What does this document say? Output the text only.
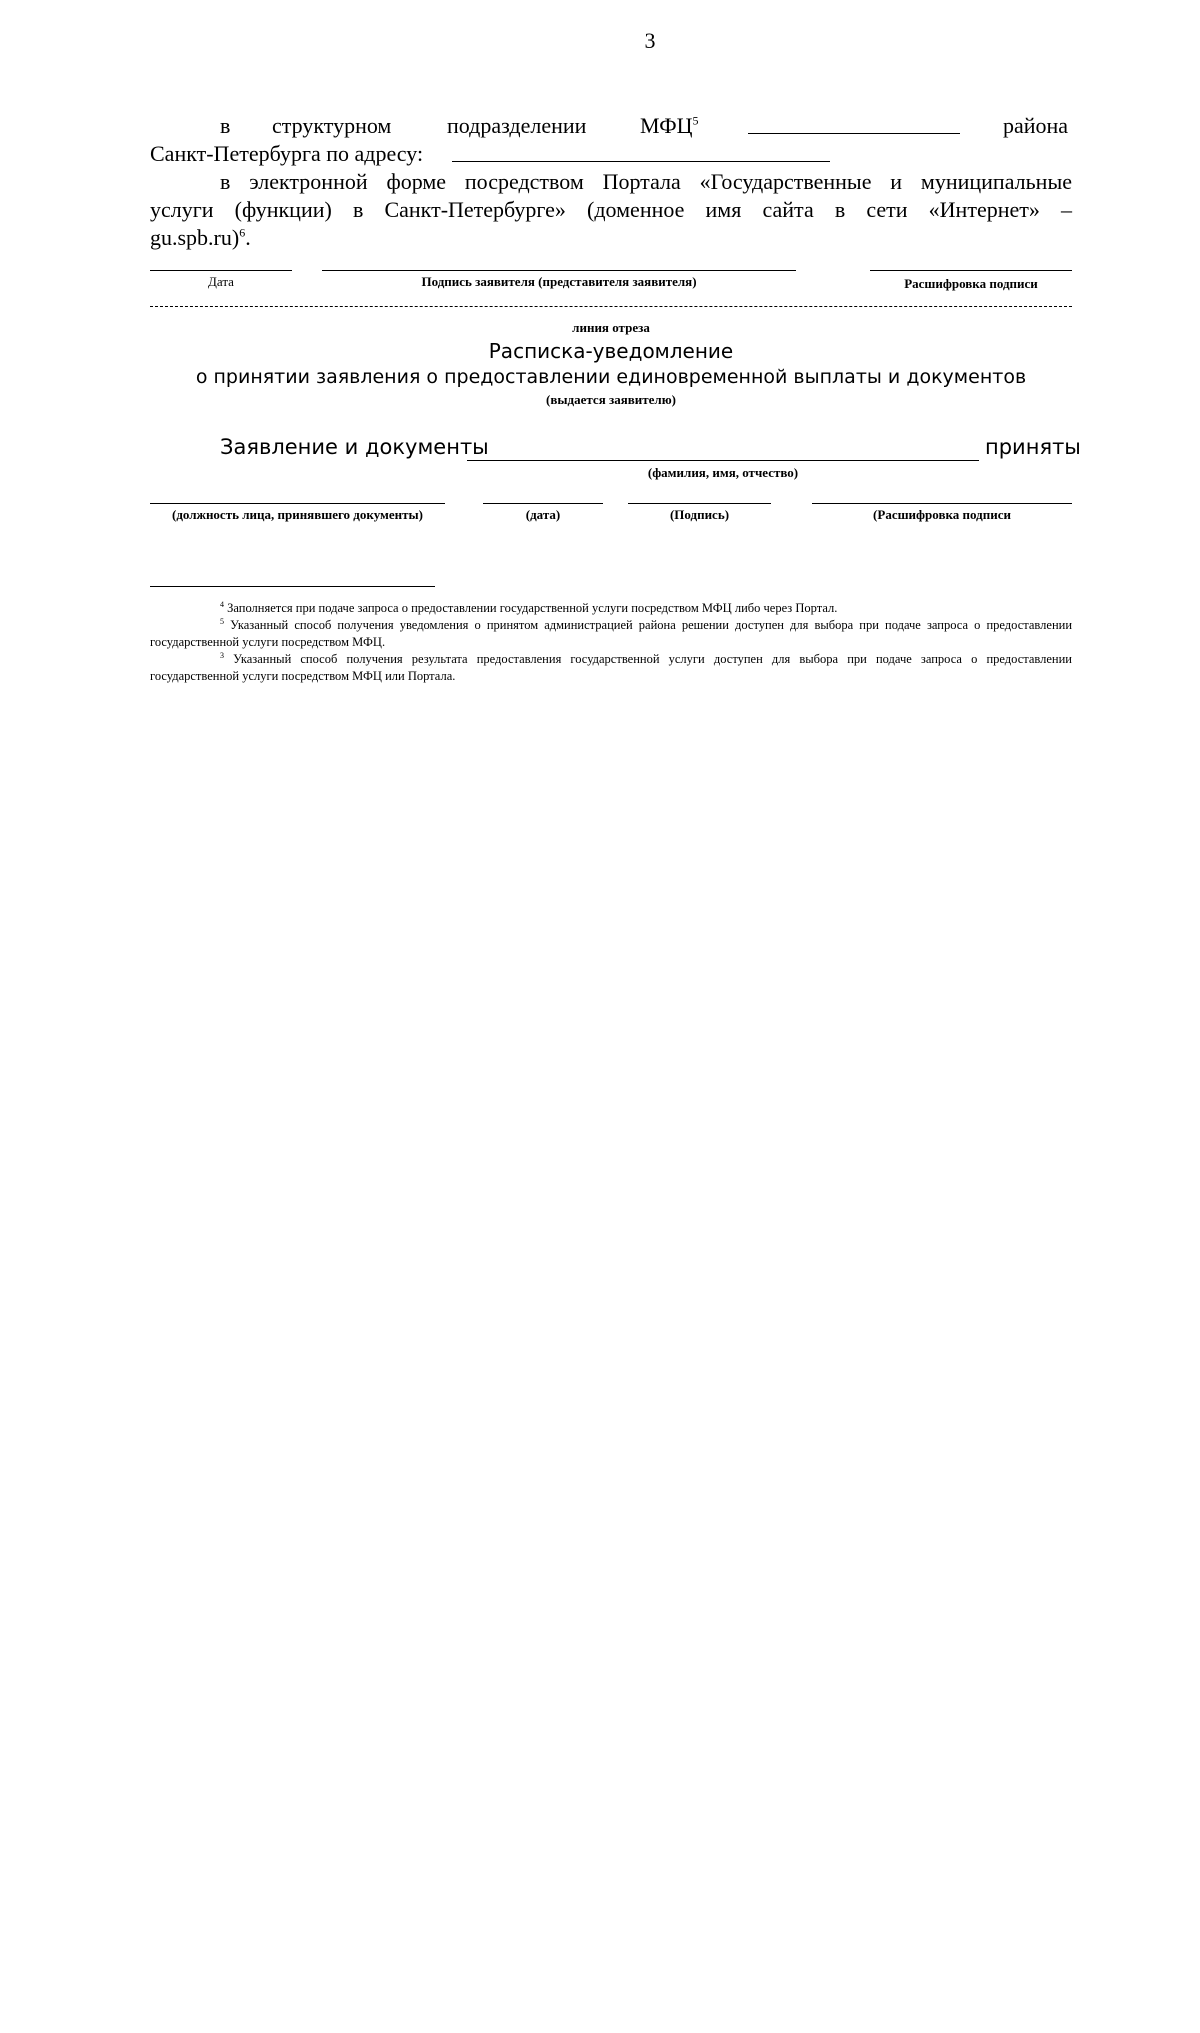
3
в структурном	подразделении МФЦ$^5$	района
Санкт-Петербурга по адресу:
в электронной форме посредством Портала «Государственные и муниципальные
услуги (функции) в Санкт-Петербурге» (доменное имя сайта в сети «Интернет» –
gu.spb.ru)$^6$.
Дата	Подпись заявителя (представителя заявителя)	Расшифровка подписи
линия отреза
Расписка-уведомление
о принятии заявления о предоставлении единовременной выплаты и документов
(выдается заявителю)
Заявление и документы	приняты
(фамилия, имя, отчество)
(должность лица, принявшего документы)	(дата)	(Подпись)	(Расшифровка подписи
$^4$ Заполняется при подаче запроса о предоставлении государственной услуги посредством МФЦ либо через Портал.
$^5$ Указанный способ получения уведомления о принятом администрацией района решении доступен для выбора при подаче запроса о предоставлении государственной услуги посредством МФЦ.
$^3$ Указанный способ получения результата предоставления государственной услуги доступен для выбора при подаче запроса о предоставлении государственной услуги посредством МФЦ или Портала.
